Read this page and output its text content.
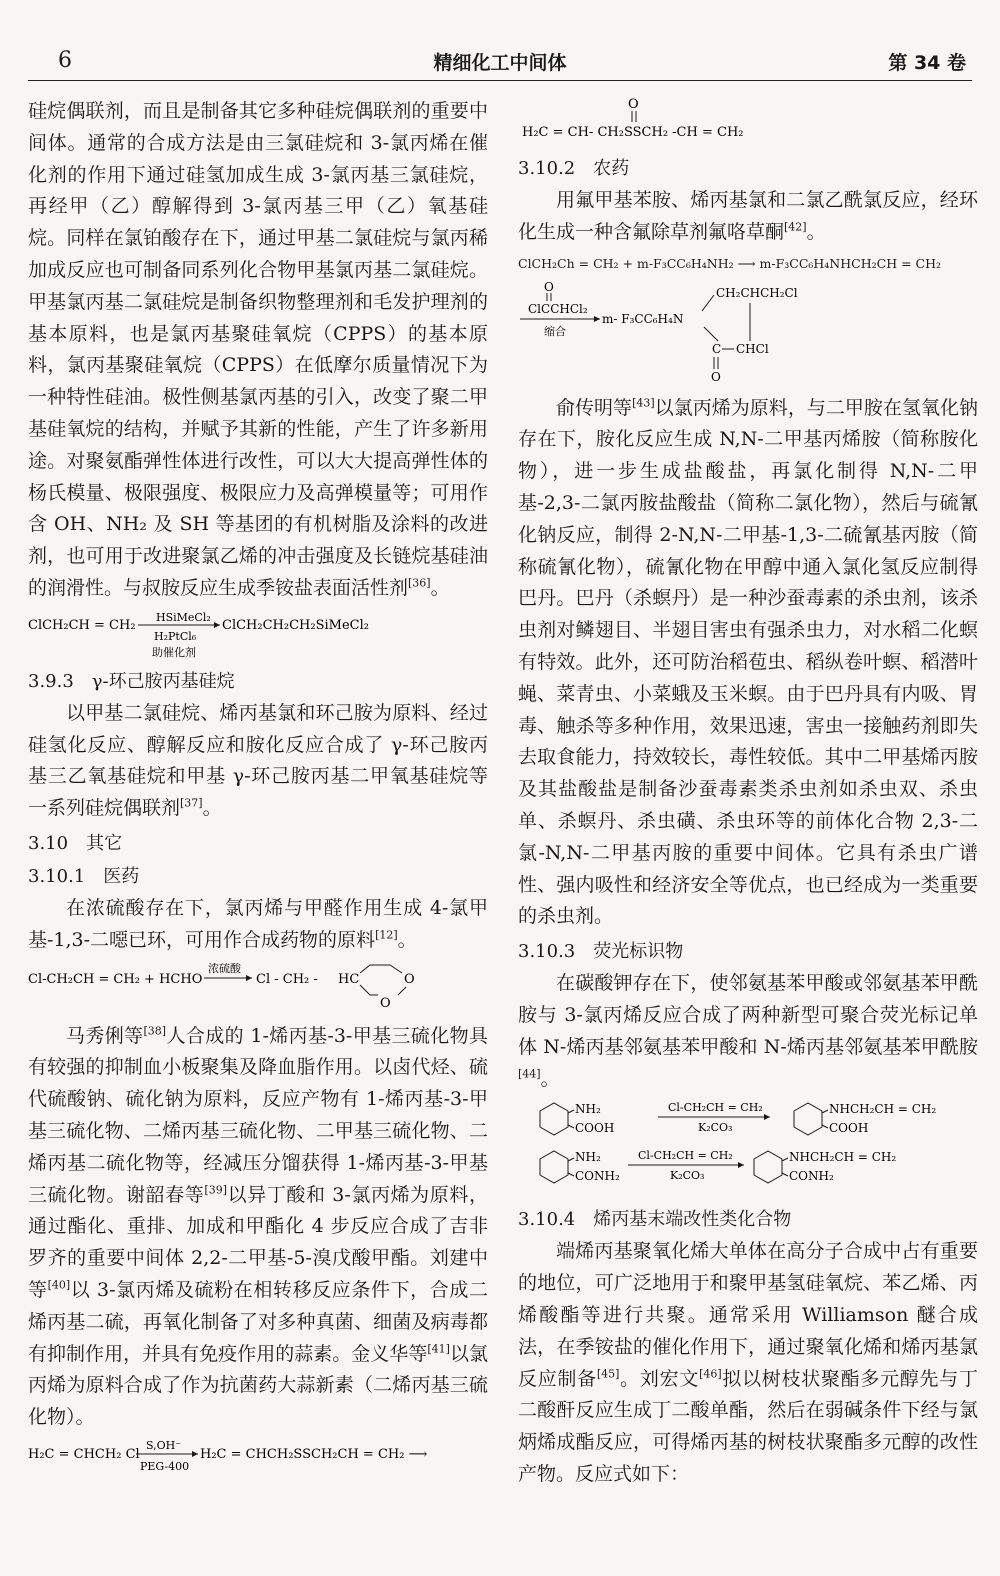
6	精细化工中间体	第 34 卷

硅烷偶联剂，而且是制备其它多种硅烷偶联剂的重要中间体。通常的合成方法是由三氯硅烷和 3-氯丙烯在催化剂的作用下通过硅氢加成生成 3-氯丙基三氯硅烷，再经甲（乙）醇解得到 3-氯丙基三甲（乙）氧基硅烷。同样在氯铂酸存在下，通过甲基二氯硅烷与氯丙稀加成反应也可制备同系列化合物甲基氯丙基二氯硅烷。甲基氯丙基二氯硅烷是制备织物整理剂和毛发护理剂的基本原料，也是氯丙基聚硅氧烷（CPPS）的基本原料，氯丙基聚硅氧烷（CPPS）在低摩尔质量情况下为一种特性硅油。极性侧基氯丙基的引入，改变了聚二甲基硅氧烷的结构，并赋予其新的性能，产生了许多新用途。对聚氨酯弹性体进行改性，可以大大提高弹性体的杨氏模量、极限强度、极限应力及高弹模量等；可用作含 OH、NH₂ 及 SH 等基团的有机树脂及涂料的改进剂，也可用于改进聚氯乙烯的冲击强度及长链烷基硅油的润滑性。与叔胺反应生成季铵盐表面活性剂[36]。

ClCH₂CH = CH₂
HSiMeCl₂
H₂PtCl₆
助催化剂
ClCH₂CH₂CH₂SiMeCl₂
3.9.3　γ-环己胺丙基硅烷

以甲基二氯硅烷、烯丙基氯和环己胺为原料、经过硅氢化反应、醇解反应和胺化反应合成了 γ-环己胺丙基三乙氧基硅烷和甲基 γ-环己胺丙基二甲氧基硅烷等一系列硅烷偶联剂[37]。

3.10　其它
3.10.1　医药

在浓硫酸存在下，氯丙烯与甲醛作用生成 4-氯甲基-1,3-二噁已环，可用作合成药物的原料[12]。

Cl-CH₂CH = CH₂ + HCHO
浓硫酸
Cl - CH₂ - HC	O
O

马秀俐等[38]人合成的 1-烯丙基-3-甲基三硫化物具有较强的抑制血小板聚集及降血脂作用。以卤代烃、硫代硫酸钠、硫化钠为原料，反应产物有 1-烯丙基-3-甲基三硫化物、二烯丙基三硫化物、二甲基三硫化物、二烯丙基二硫化物等，经减压分馏获得 1-烯丙基-3-甲基三硫化物。谢韶春等[39]以异丁酸和 3-氯丙烯为原料，通过酯化、重排、加成和甲酯化 4 步反应合成了吉非罗齐的重要中间体 2,2-二甲基-5-溴戊酸甲酯。刘建中等[40]以 3-氯丙烯及硫粉在相转移反应条件下，合成二烯丙基二硫，再氧化制备了对多种真菌、细菌及病毒都有抑制作用，并具有免疫作用的蒜素。金义华等[41]以氯丙烯为原料合成了作为抗菌药大蒜新素（二烯丙基三硫化物）。

H₂C = CHCH₂ Cl
S,OH⁻
PEG-400
H₂C = CHCH₂SSCH₂CH = CH₂ ⟶
O
H₂C = CH- CH₂SSCH₂ -CH = CH₂
3.10.2　农药

用氟甲基苯胺、烯丙基氯和二氯乙酰氯反应，经环化生成一种含氟除草剂氟咯草酮[42]。

ClCH₂Ch = CH₂ + m-F₃CC₆H₄NH₂ ⟶ m-F₃CC₆H₄NHCH₂CH = CH₂
O
ClCCHCl₂
缩合
m- F₃CC₆H₄N
CH₂CHCH₂Cl
C CHCl
O

俞传明等[43]以氯丙烯为原料，与二甲胺在氢氧化钠存在下，胺化反应生成 N,N-二甲基丙烯胺（简称胺化物），进一步生成盐酸盐，再氯化制得 N,N-二甲基-2,3-二氯丙胺盐酸盐（简称二氯化物），然后与硫氰化钠反应，制得 2-N,N-二甲基-1,3-二硫氰基丙胺（简称硫氰化物），硫氰化物在甲醇中通入氯化氢反应制得巴丹。巴丹（杀螟丹）是一种沙蚕毒素的杀虫剂，该杀虫剂对鳞翅目、半翅目害虫有强杀虫力，对水稻二化螟有特效。此外，还可防治稻苞虫、稻纵卷叶螟、稻潜叶蝇、菜青虫、小菜蛾及玉米螟。由于巴丹具有内吸、胃毒、触杀等多种作用，效果迅速，害虫一接触药剂即失去取食能力，持效较长，毒性较低。其中二甲基烯丙胺及其盐酸盐是制备沙蚕毒素类杀虫剂如杀虫双、杀虫单、杀螟丹、杀虫磺、杀虫环等的前体化合物 2,3-二氯-N,N-二甲基丙胺的重要中间体。它具有杀虫广谱性、强内吸性和经济安全等优点，也已经成为一类重要的杀虫剂。

3.10.3　荧光标识物

在碳酸钾存在下，使邻氨基苯甲酸或邻氨基苯甲酰胺与 3-氯丙烯反应合成了两种新型可聚合荧光标记单体 N-烯丙基邻氨基苯甲酸和 N-烯丙基邻氨基苯甲酰胺[44]。

NH₂
COOH
Cl-CH₂CH = CH₂
K₂CO₃
NHCH₂CH = CH₂
COOH
NH₂
CONH₂
Cl-CH₂CH = CH₂
K₂CO₃
NHCH₂CH = CH₂
CONH₂
3.10.4　烯丙基末端改性类化合物

端烯丙基聚氧化烯大单体在高分子合成中占有重要的地位，可广泛地用于和聚甲基氢硅氧烷、苯乙烯、丙烯酸酯等进行共聚。通常采用 Williamson 醚合成法，在季铵盐的催化作用下，通过聚氧化烯和烯丙基氯反应制备[45]。刘宏文[46]拟以树枝状聚酯多元醇先与丁二酸酐反应生成丁二酸单酯，然后在弱碱条件下经与氯炳烯成酯反应，可得烯丙基的树枝状聚酯多元醇的改性产物。反应式如下：
